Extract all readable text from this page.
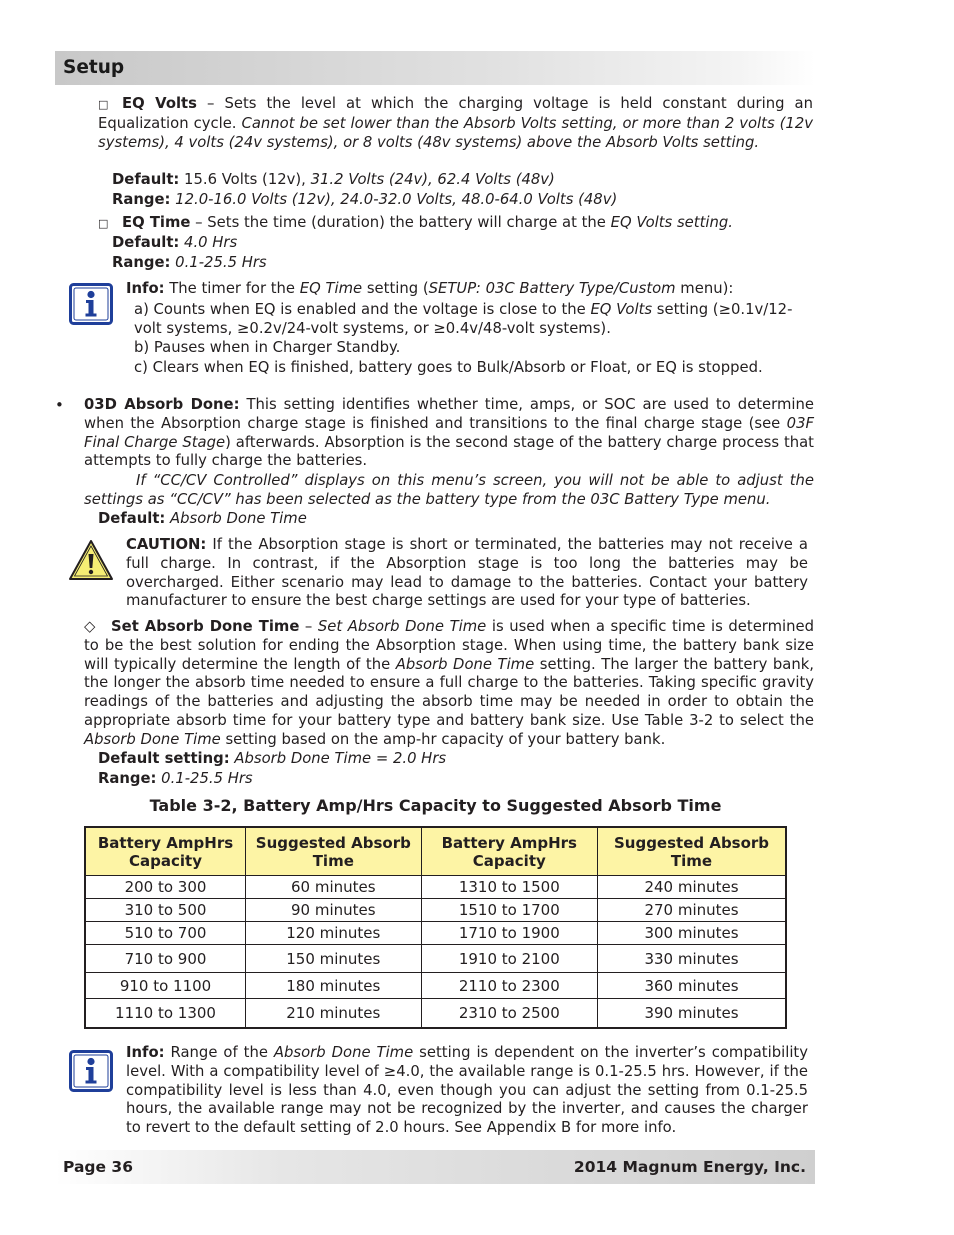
Setup

□ EQ Volts – Sets the level at which the charging voltage is held constant during an Equalization cycle. Cannot be set lower than the Absorb Volts setting, or more than 2 volts (12v systems), 4 volts (24v systems), or 8 volts (48v systems) above the Absorb Volts setting.

Default: 15.6 Volts (12v), 31.2 Volts (24v), 62.4 Volts (48v)

Range: 12.0-16.0 Volts (12v), 24.0-32.0 Volts, 48.0-64.0 Volts (48v)

□ EQ Time – Sets the time (duration) the battery will charge at the EQ Volts setting.

Default: 4.0 Hrs

Range: 0.1-25.5 Hrs

Info: The timer for the EQ Time setting (SETUP: 03C Battery Type/Custom menu):
a) Counts when EQ is enabled and the voltage is close to the EQ Volts setting (≥0.1v/12-volt systems, ≥0.2v/24-volt systems, or ≥0.4v/48-volt systems).
b) Pauses when in Charger Standby.
c) Clears when EQ is finished, battery goes to Bulk/Absorb or Float, or EQ is stopped.
• 03D Absorb Done: This setting identifies whether time, amps, or SOC are used to determine when the Absorption charge stage is finished and transitions to the final charge stage (see 03F Final Charge Stage) afterwards. Absorption is the second stage of the battery charge process that attempts to fully charge the batteries.

If “CC/CV Controlled” displays on this menu’s screen, you will not be able to adjust the settings as “CC/CV” has been selected as the battery type from the 03C Battery Type menu.

Default: Absorb Done Time

CAUTION: If the Absorption stage is short or terminated, the batteries may not receive a full charge. In contrast, if the Absorption stage is too long the batteries may be overcharged. Either scenario may lead to damage to the batteries. Contact your battery manufacturer to ensure the best charge settings are used for your type of batteries.

◇ Set Absorb Done Time – Set Absorb Done Time is used when a specific time is determined to be the best solution for ending the Absorption stage. When using time, the battery bank size will typically determine the length of the Absorb Done Time setting. The larger the battery bank, the longer the absorb time needed to ensure a full charge to the batteries. Taking specific gravity readings of the batteries and adjusting the absorb time may be needed in order to obtain the appropriate absorb time for your battery type and battery bank size. Use Table 3-2 to select the Absorb Done Time setting based on the amp-hr capacity of your battery bank.

Default setting: Absorb Done Time = 2.0 Hrs

Range: 0.1-25.5 Hrs

Table 3-2, Battery Amp/Hrs Capacity to Suggested Absorb Time
Battery AmpHrs Capacity	Suggested Absorb Time	Battery AmpHrs Capacity	Suggested Absorb Time
200 to 300	60 minutes	1310 to 1500	240 minutes
310 to 500	90 minutes	1510 to 1700	270 minutes
510 to 700	120 minutes	1710 to 1900	300 minutes
710 to 900	150 minutes	1910 to 2100	330 minutes
910 to 1100	180 minutes	2110 to 2300	360 minutes
1110 to 1300	210 minutes	2310 to 2500	390 minutes

Info: Range of the Absorb Done Time setting is dependent on the inverter’s compatibility level. With a compatibility level of ≥4.0, the available range is 0.1-25.5 hrs. However, if the compatibility level is less than 4.0, even though you can adjust the setting from 0.1-25.5 hours, the available range may not be recognized by the inverter, and causes the charger to revert to the default setting of 2.0 hours. See Appendix B for more info.

Page 36	2014 Magnum Energy, Inc.
